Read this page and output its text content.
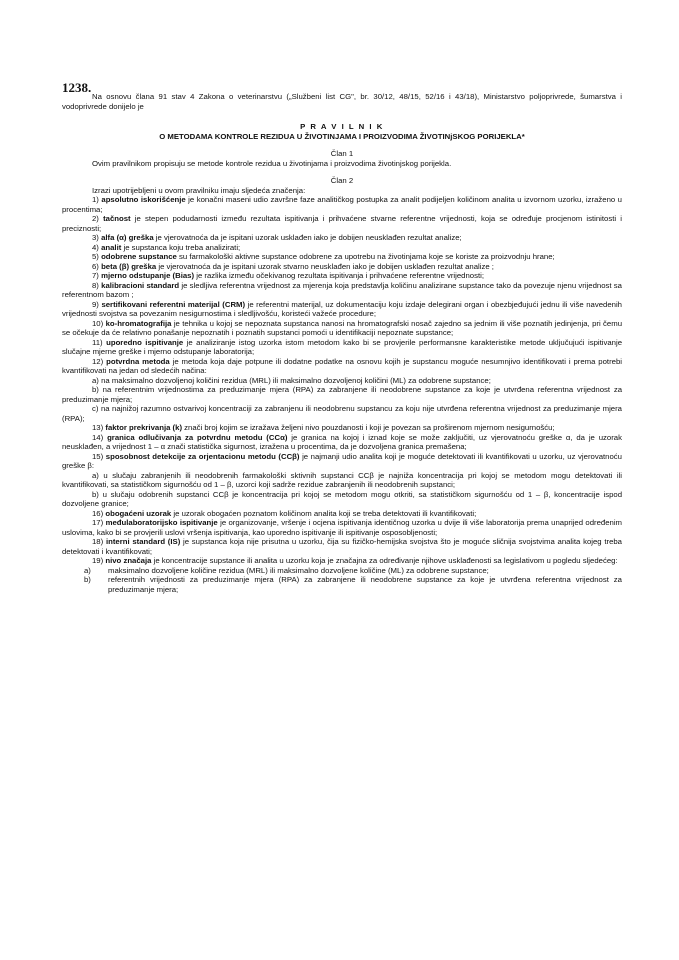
1238.

Na osnovu člana 91 stav 4 Zakona o veterinarstvu („Službeni list CG", br. 30/12, 48/15, 52/16 i 43/18), Ministarstvo poljoprivrede, šumarstva i vodoprivrede donijelo je

P R A V I L N I K

O METODAMA KONTROLE REZIDUA U ŽIVOTINJAMA I PROIZVODIMA ŽIVOTINjSKOG PORIJEKLA*

Član 1

Ovim pravilnikom propisuju se metode kontrole rezidua u životinjama i proizvodima životinjskog porijekla.

Član 2

Izrazi upotrijebljeni u ovom pravilniku imaju sljedeća značenja:

1) apsolutno iskorišćenje je konačni maseni udio završne faze analitičkog postupka za analit podijeljen količinom analita u izvornom uzorku, izraženo u procentima;

2) tačnost je stepen podudarnosti između rezultata ispitivanja i prihvaćene stvarne referentne vrijednosti, koja se određuje procjenom istinitosti i preciznosti;

3) alfa (α) greška je vjerovatnoća da je ispitani uzorak usklađen iako je dobijen neusklađen rezultat analize;

4) analit je supstanca koju treba analizirati;

5) odobrene supstance su farmakološki aktivne supstance odobrene za upotrebu na životinjama koje se koriste za proizvodnju hrane;

6) beta (β) greška je vjerovatnoća da je ispitani uzorak stvarno neusklađen iako je dobijen usklađen rezultat analize ;

7) mjerno odstupanje (Bias) je razlika između očekivanog rezultata ispitivanja i prihvaćene referentne vrijednosti;

8) kalibracioni standard je sledljiva referentna vrijednost za mjerenja koja predstavlja količinu analizirane supstance tako da povezuje njenu vrijednost sa referentnom bazom ;

9) sertifikovani referentni materijal (CRM) je referentni materijal, uz dokumentaciju koju izdaje delegirani organ i obezbjeđujući jednu ili više navedenih vrijednosti svojstva sa povezanim nesigurnostima i sledljivošću, koristeći važeće procedure;

10) ko-hromatografija je tehnika u kojoj se nepoznata supstanca nanosi na hromatografski nosač zajedno sa jednim ili više poznatih jedinjenja, pri čemu se očekuje da će relativno ponašanje nepoznatih i poznatih supstanci pomoći u identifikaciji nepoznate supstance;

11) uporedno ispitivanje je analiziranje istog uzorka istom metodom kako bi se provjerile performansne karakteristike metode uključujući ispitivanje slučajne mjerne greške i mjerno odstupanje laboratorija;

12) potvrdna metoda je metoda koja daje potpune ili dodatne podatke na osnovu kojih je supstancu moguće nesumnjivo identifikovati i prema potrebi kvantifikovati na jedan od sledećih načina:

a) na maksimalno dozvoljenoj količini rezidua (MRL) ili maksimalno dozvoljenoj količini (ML) za odobrene supstance;

b) na referentnim vrijednostima za preduzimanje mjera (RPA) za zabranjene ili neodobrene supstance za koje je utvrđena referentna vrijednost za preduzimanje mjera;

c) na najnižoj razumno ostvarivoj koncentraciji za zabranjenu ili neodobrenu supstancu za koju nije utvrđena referentna vrijednost za preduzimanje mjera (RPA);

13) faktor prekrivanja (k) znači broj kojim se izražava željeni nivo pouzdanosti i koji je povezan sa proširenom mjernom nesigurnošću;

14) granica odlučivanja za potvrdnu metodu (CCα) je granica na kojoj i iznad koje se može zaključiti, uz vjerovatnoću greške α, da je uzorak neusklađen, a vrijednost 1 – α znači statistička sigurnost, izražena u procentima, da je dozvoljena granica premašena;

15) sposobnost detekcije za orjentacionu metodu (CCβ) je najmanji udio analita koji je moguće detektovati ili kvantifikovati u uzorku, uz vjerovatnoću greške β:

a) u slučaju zabranjenih ili neodobrenih farmakološki sktivnih supstanci CCβ je najniža koncentracija pri kojoj se metodom mogu detektovati ili kvantifikovati, sa statističkom sigurnošću od 1 – β, uzorci koji sadrže rezidue zabranjenih ili neodobrenih supstanci;

b) u slučaju odobrenih supstanci CCβ je koncentracija pri kojoj se metodom mogu otkriti, sa statističkom sigurnošću od 1 – β, koncentracije ispod dozvoljene granice;

16) obogaćeni uzorak je uzorak obogaćen poznatom količinom analita koji se treba detektovati ili kvantifikovati;

17) međulaboratorijsko ispitivanje je organizovanje, vršenje i ocjena ispitivanja identičnog uzorka u dvije ili više laboratorija prema unaprijed određenim uslovima, kako bi se provjerili uslovi vršenja ispitivanja, kao uporedno ispitivanje ili ispitivanje osposobljenosti;

18) interni standard (IS) je supstanca koja nije prisutna u uzorku, čija su fizičko-hemijska svojstva što je moguće sličnija svojstvima analita kojeg treba detektovati i kvantifikovati;

19) nivo značaja je koncentracije supstance ili analita u uzorku koja je značajna za određivanje njihove usklađenosti sa legislativom u pogledu sljedećeg:

a)	maksimalno dozvoljene količine rezidua (MRL) ili maksimalno dozvoljene količine (ML) za odobrene supstance;
b)	referentnih vrijednosti za preduzimanje mjera (RPA) za zabranjene ili neodobrene supstance za koje je utvrđena referentna vrijednost za preduzimanje mjera;
